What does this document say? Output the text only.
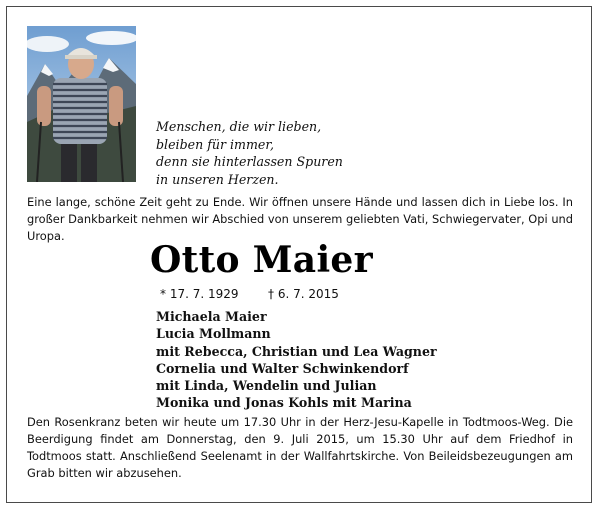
Menschen, die wir lieben,
bleiben für immer,
denn sie hinterlassen Spuren
in unseren Herzen.
Eine lange, schöne Zeit geht zu Ende. Wir öffnen unsere Hände und lassen dich in Liebe los. In großer Dankbarkeit nehmen wir Abschied von unserem geliebten Vati, Schwiegervater, Opi und Uropa.
Otto Maier
* 17. 7. 1929 † 6. 7. 2015
Michaela Maier
Lucia Mollmann
mit Rebecca, Christian und Lea Wagner
Cornelia und Walter Schwinkendorf
mit Linda, Wendelin und Julian
Monika und Jonas Kohls mit Marina
Den Rosenkranz beten wir heute um 17.30 Uhr in der Herz-Jesu-Kapelle in Todtmoos-Weg. Die Beerdigung findet am Donnerstag, den 9. Juli 2015, um 15.30 Uhr auf dem Friedhof in Todtmoos statt. Anschließend Seelenamt in der Wallfahrtskirche. Von Beileidsbezeugungen am Grab bitten wir abzusehen.
